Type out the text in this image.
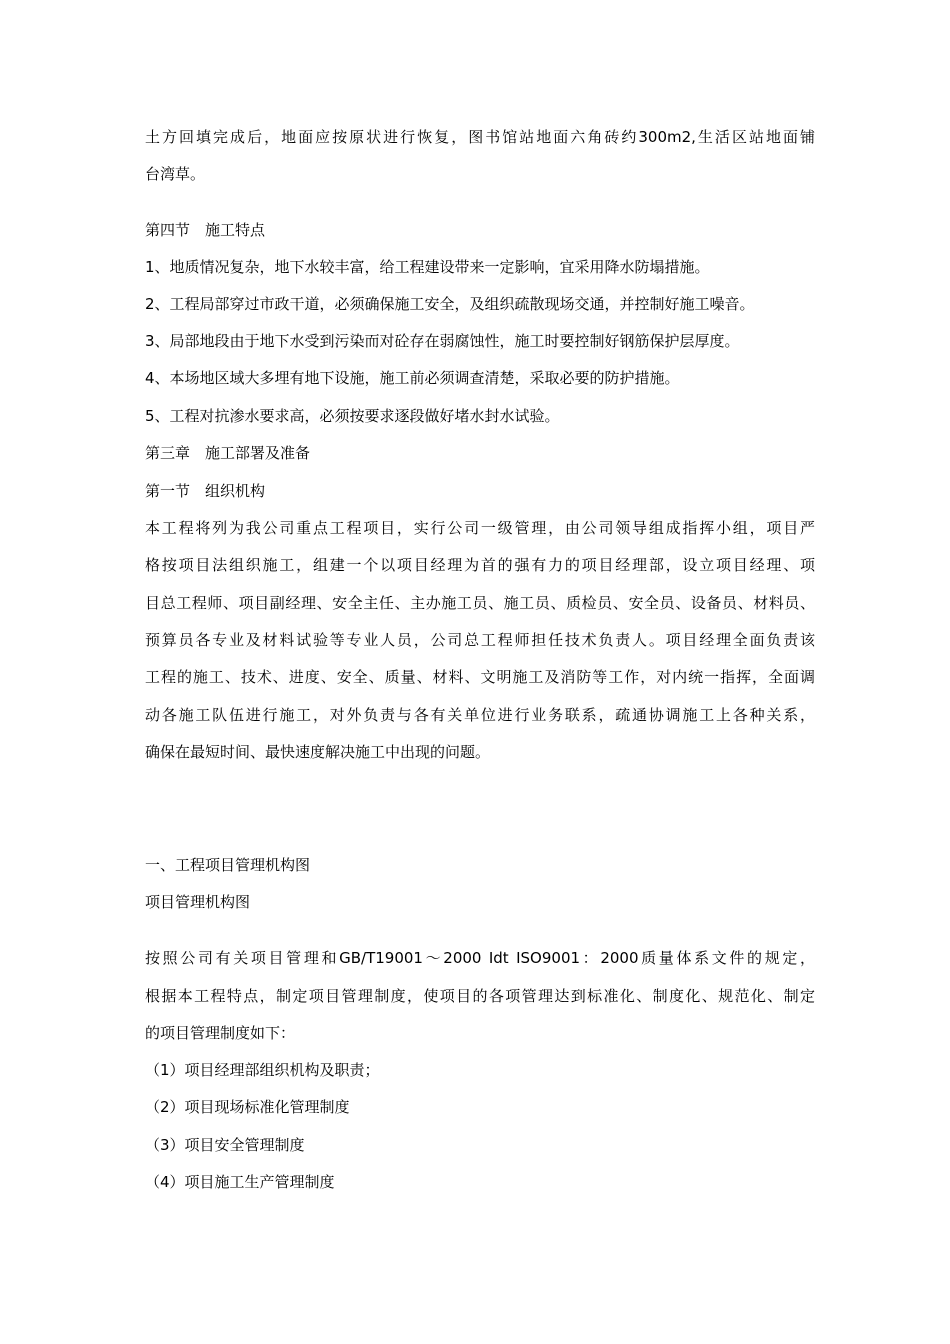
土方回填完成后，地面应按原状进行恢复，图书馆站地面六角砖约300m2,生活区站地面铺
台湾草。
第四节　施工特点
1、地质情况复杂，地下水较丰富，给工程建设带来一定影响，宜采用降水防塌措施。
2、工程局部穿过市政干道，必须确保施工安全，及组织疏散现场交通，并控制好施工噪音。
3、局部地段由于地下水受到污染而对砼存在弱腐蚀性，施工时要控制好钢筋保护层厚度。
4、本场地区域大多埋有地下设施，施工前必须调查清楚，采取必要的防护措施。
5、工程对抗渗水要求高，必须按要求逐段做好堵水封水试验。
第三章　施工部署及准备
第一节　组织机构
本工程将列为我公司重点工程项目，实行公司一级管理，由公司领导组成指挥小组，项目严
格按项目法组织施工，组建一个以项目经理为首的强有力的项目经理部，设立项目经理、项
目总工程师、项目副经理、安全主任、主办施工员、施工员、质检员、安全员、设备员、材料员、
预算员各专业及材料试验等专业人员，公司总工程师担任技术负责人。项目经理全面负责该
工程的施工、技术、进度、安全、质量、材料、文明施工及消防等工作，对内统一指挥，全面调
动各施工队伍进行施工，对外负责与各有关单位进行业务联系，疏通协调施工上各种关系，
确保在最短时间、最快速度解决施工中出现的问题。
一、工程项目管理机构图
项目管理机构图
按照公司有关项目管理和GB/T19001～2000 Idt ISO9001：2000质量体系文件的规定，
根据本工程特点，制定项目管理制度，使项目的各项管理达到标准化、制度化、规范化、制定
的项目管理制度如下：
（1）项目经理部组织机构及职责；
（2）项目现场标准化管理制度
（3）项目安全管理制度
（4）项目施工生产管理制度
